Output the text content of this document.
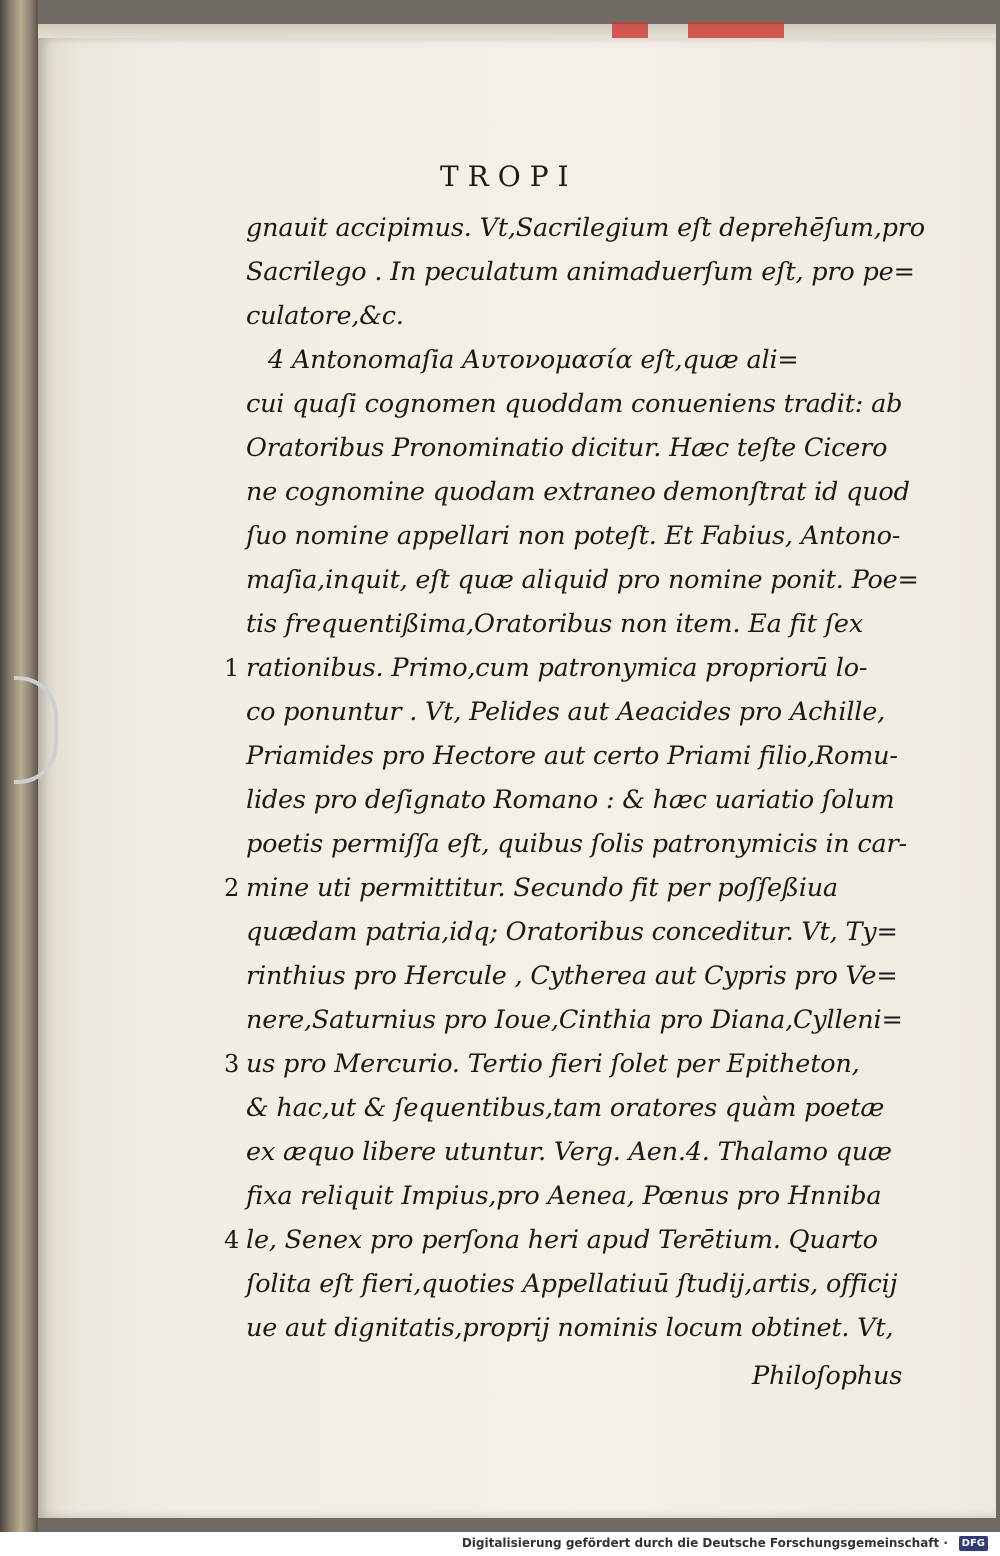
TROPI
gnauit accipimus. Vt,Sacrilegium eſt deprehēſum,pro
Sacrilego . In peculatum animaduerſum eſt, pro pe=
culatore,&c.
4 Antonomaſia Αυτονομασία eſt,quæ ali=
cui quaſi cognomen quoddam conueniens tradit: ab
Oratoribus Pronominatio dicitur. Hæc teſte Cicero
ne cognomine quodam extraneo demonſtrat id quod
ſuo nomine appellari non poteſt. Et Fabius, Antono-
maſia,inquit, eſt quæ aliquid pro nomine ponit. Poe=
tis frequentißima,Oratoribus non item. Ea fit ſex
rationibus. Primo,cum patronymica propriorū lo-
co ponuntur . Vt, Pelides aut Aeacides pro Achille,
Priamides pro Hectore aut certo Priami filio,Romu-
lides pro deſignato Romano : & hæc uariatio ſolum
poetis permiſſa eſt, quibus ſolis patronymicis in car-
mine uti permittitur. Secundo fit per poſſeßiua
quædam patria,idq; Oratoribus conceditur. Vt, Ty=
rinthius pro Hercule , Cytherea aut Cypris pro Ve=
nere,Saturnius pro Ioue,Cinthia pro Diana,Cylleni=
us pro Mercurio. Tertio fieri ſolet per Epitheton,
& hac,ut & ſequentibus,tam oratores quàm poetæ
ex æquo libere utuntur. Verg. Aen.4. Thalamo quæ
fixa reliquit Impius,pro Aenea, Pœnus pro Hnniba
le, Senex pro perſona heri apud Terētium. Quarto
ſolita eſt fieri,quoties Appellatiuū ſtudij,artis, officij
ue aut dignitatis,proprij nominis locum obtinet. Vt,
Philoſophus
1
2
3
4
Digitalisierung gefördert durch die Deutsche Forschungsgemeinschaft ·	DFG
